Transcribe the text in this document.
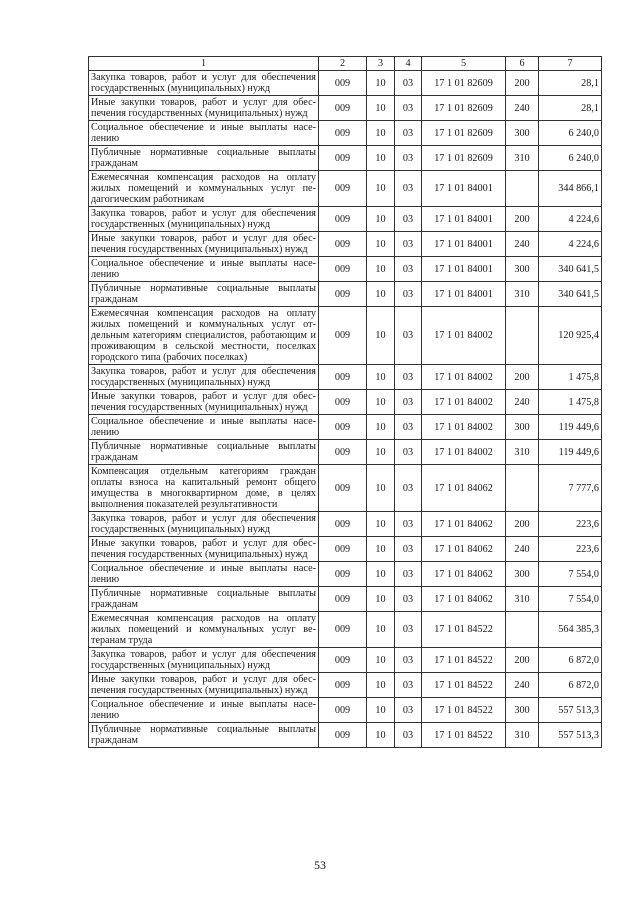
1	2	3	4	5	6	7
Закупка товаров, работ и услуг для обеспечения государственных (муниципальных) нужд	009	10	03	17 1 01 82609	200	28,1
Иные закупки товаров, работ и услуг для обеспечения государственных (муниципальных) нужд	009	10	03	17 1 01 82609	240	28,1
Социальное обеспечение и иные выплаты населению	009	10	03	17 1 01 82609	300	6 240,0
Публичные нормативные социальные выплаты гражданам	009	10	03	17 1 01 82609	310	6 240,0
Ежемесячная компенсация расходов на оплату жилых помещений и коммунальных услуг педагогическим работникам	009	10	03	17 1 01 84001		344 866,1
Закупка товаров, работ и услуг для обеспечения государственных (муниципальных) нужд	009	10	03	17 1 01 84001	200	4 224,6
Иные закупки товаров, работ и услуг для обеспечения государственных (муниципальных) нужд	009	10	03	17 1 01 84001	240	4 224,6
Социальное обеспечение и иные выплаты населению	009	10	03	17 1 01 84001	300	340 641,5
Публичные нормативные социальные выплаты гражданам	009	10	03	17 1 01 84001	310	340 641,5
Ежемесячная компенсация расходов на оплату жилых помещений и коммунальных услуг отдельным категориям специалистов, работающим и проживающим в сельской местности, поселках городского типа (рабочих поселках)	009	10	03	17 1 01 84002		120 925,4
Закупка товаров, работ и услуг для обеспечения государственных (муниципальных) нужд	009	10	03	17 1 01 84002	200	1 475,8
Иные закупки товаров, работ и услуг для обеспечения государственных (муниципальных) нужд	009	10	03	17 1 01 84002	240	1 475,8
Социальное обеспечение и иные выплаты населению	009	10	03	17 1 01 84002	300	119 449,6
Публичные нормативные социальные выплаты гражданам	009	10	03	17 1 01 84002	310	119 449,6
Компенсация отдельным категориям граждан оплаты взноса на капитальный ремонт общего имущества в многоквартирном доме, в целях выполнения показателей результативности	009	10	03	17 1 01 84062		7 777,6
Закупка товаров, работ и услуг для обеспечения государственных (муниципальных) нужд	009	10	03	17 1 01 84062	200	223,6
Иные закупки товаров, работ и услуг для обеспечения государственных (муниципальных) нужд	009	10	03	17 1 01 84062	240	223,6
Социальное обеспечение и иные выплаты населению	009	10	03	17 1 01 84062	300	7 554,0
Публичные нормативные социальные выплаты гражданам	009	10	03	17 1 01 84062	310	7 554,0
Ежемесячная компенсация расходов на оплату жилых помещений и коммунальных услуг ветеранам труда	009	10	03	17 1 01 84522		564 385,3
Закупка товаров, работ и услуг для обеспечения государственных (муниципальных) нужд	009	10	03	17 1 01 84522	200	6 872,0
Иные закупки товаров, работ и услуг для обеспечения государственных (муниципальных) нужд	009	10	03	17 1 01 84522	240	6 872,0
Социальное обеспечение и иные выплаты населению	009	10	03	17 1 01 84522	300	557 513,3
Публичные нормативные социальные выплаты гражданам	009	10	03	17 1 01 84522	310	557 513,3
53
